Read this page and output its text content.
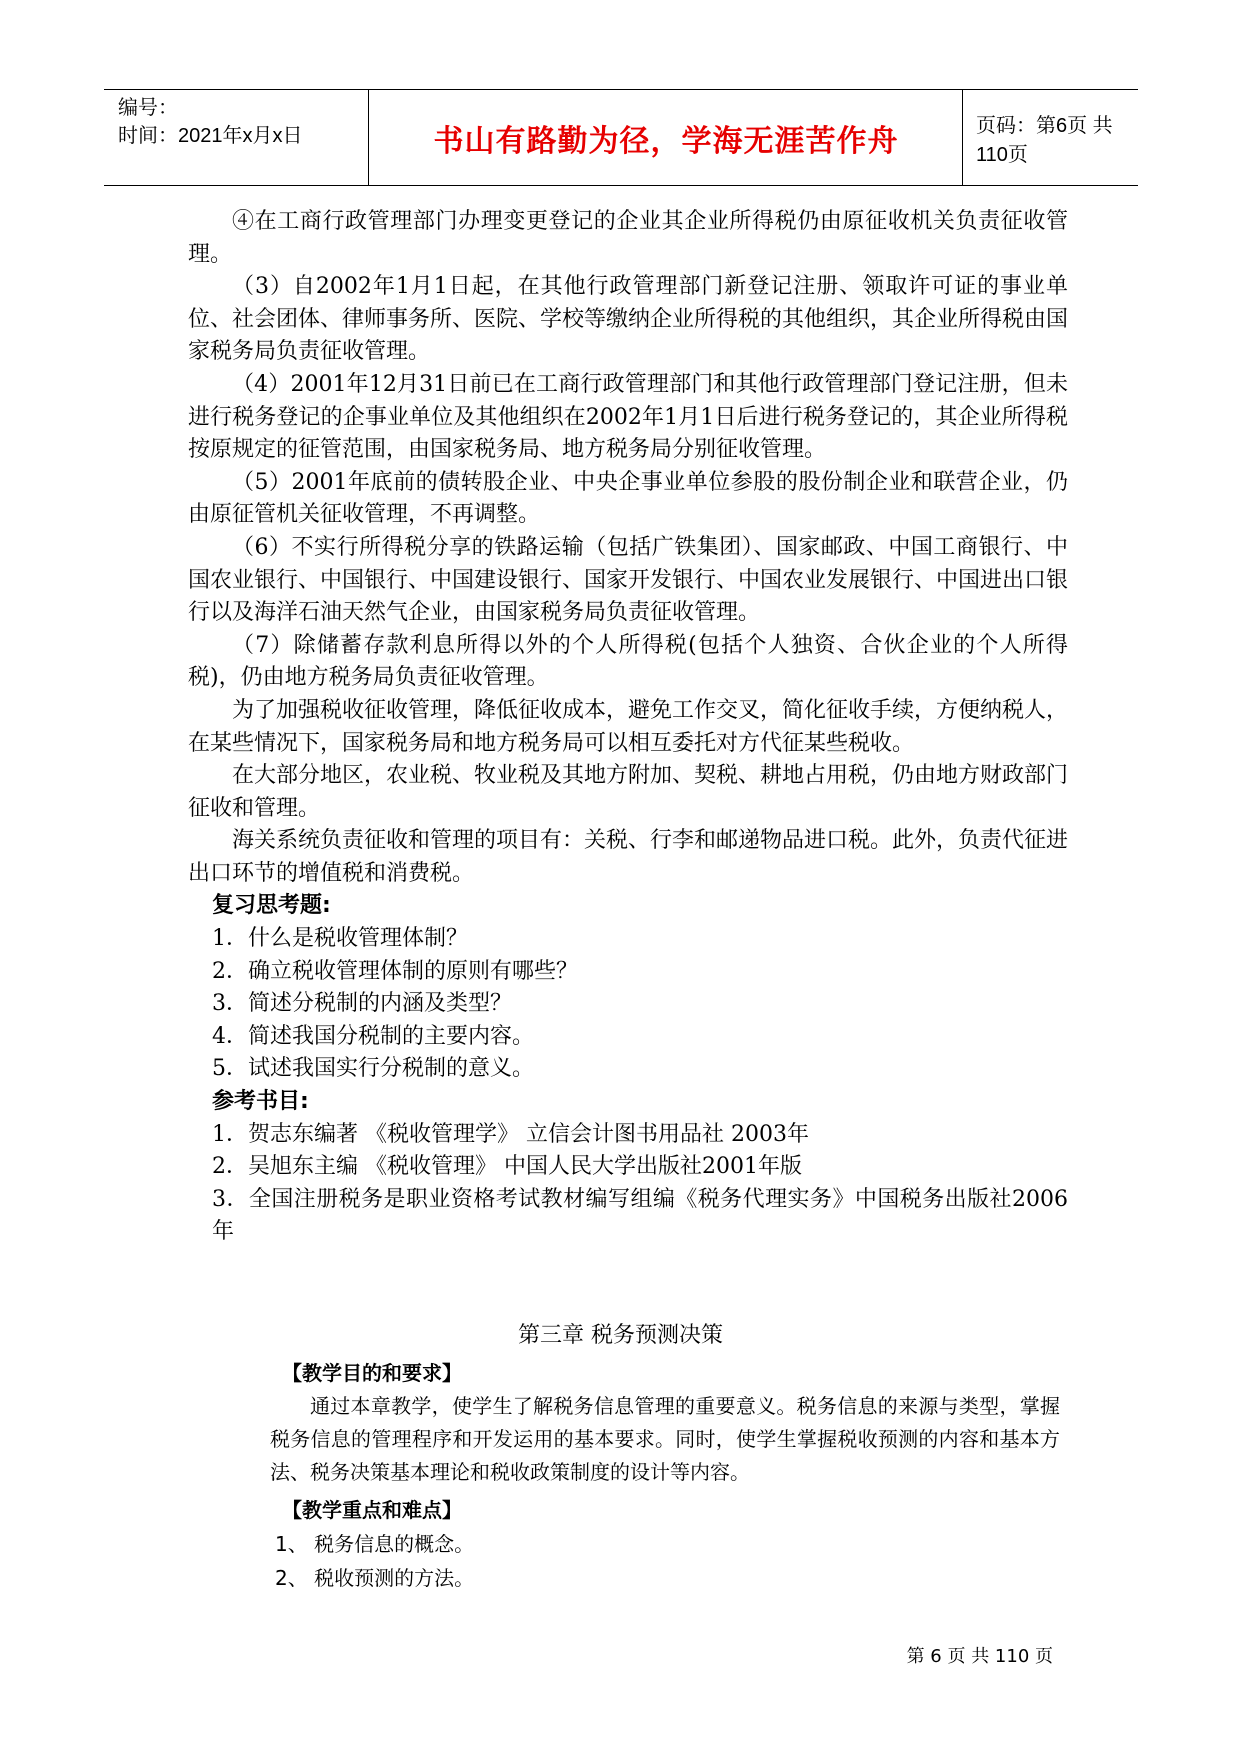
编号：
时间：2021年x月x日	书山有路勤为径，学海无涯苦作舟	页码：第6页 共110页

④在工商行政管理部门办理变更登记的企业其企业所得税仍由原征收机关负责征收管理。

（3）自2002年1月1日起，在其他行政管理部门新登记注册、领取许可证的事业单位、社会团体、律师事务所、医院、学校等缴纳企业所得税的其他组织，其企业所得税由国家税务局负责征收管理。

（4）2001年12月31日前已在工商行政管理部门和其他行政管理部门登记注册，但未进行税务登记的企事业单位及其他组织在2002年1月1日后进行税务登记的，其企业所得税按原规定的征管范围，由国家税务局、地方税务局分别征收管理。

（5）2001年底前的债转股企业、中央企事业单位参股的股份制企业和联营企业，仍由原征管机关征收管理，不再调整。

（6）不实行所得税分享的铁路运输（包括广铁集团）、国家邮政、中国工商银行、中国农业银行、中国银行、中国建设银行、国家开发银行、中国农业发展银行、中国进出口银行以及海洋石油天然气企业，由国家税务局负责征收管理。

（7）除储蓄存款利息所得以外的个人所得税(包括个人独资、合伙企业的个人所得税)，仍由地方税务局负责征收管理。

为了加强税收征收管理，降低征收成本，避免工作交叉，简化征收手续，方便纳税人，在某些情况下，国家税务局和地方税务局可以相互委托对方代征某些税收。

在大部分地区，农业税、牧业税及其地方附加、契税、耕地占用税，仍由地方财政部门征收和管理。

海关系统负责征收和管理的项目有：关税、行李和邮递物品进口税。此外，负责代征进出口环节的增值税和消费税。

复习思考题:

1．什么是税收管理体制？

2．确立税收管理体制的原则有哪些？

3．简述分税制的内涵及类型？

4．简述我国分税制的主要内容。

5．试述我国实行分税制的意义。

参考书目:

1．贺志东编著 《税收管理学》 立信会计图书用品社 2003年

2．吴旭东主编 《税收管理》 中国人民大学出版社2001年版

3．全国注册税务是职业资格考试教材编写组编《税务代理实务》中国税务出版社2006年

第三章 税务预测决策

【教学目的和要求】

通过本章教学，使学生了解税务信息管理的重要意义。税务信息的来源与类型，掌握税务信息的管理程序和开发运用的基本要求。同时，使学生掌握税收预测的内容和基本方法、税务决策基本理论和税收政策制度的设计等内容。

【教学重点和难点】

1、 税务信息的概念。

2、 税收预测的方法。

第 6 页 共 110 页
